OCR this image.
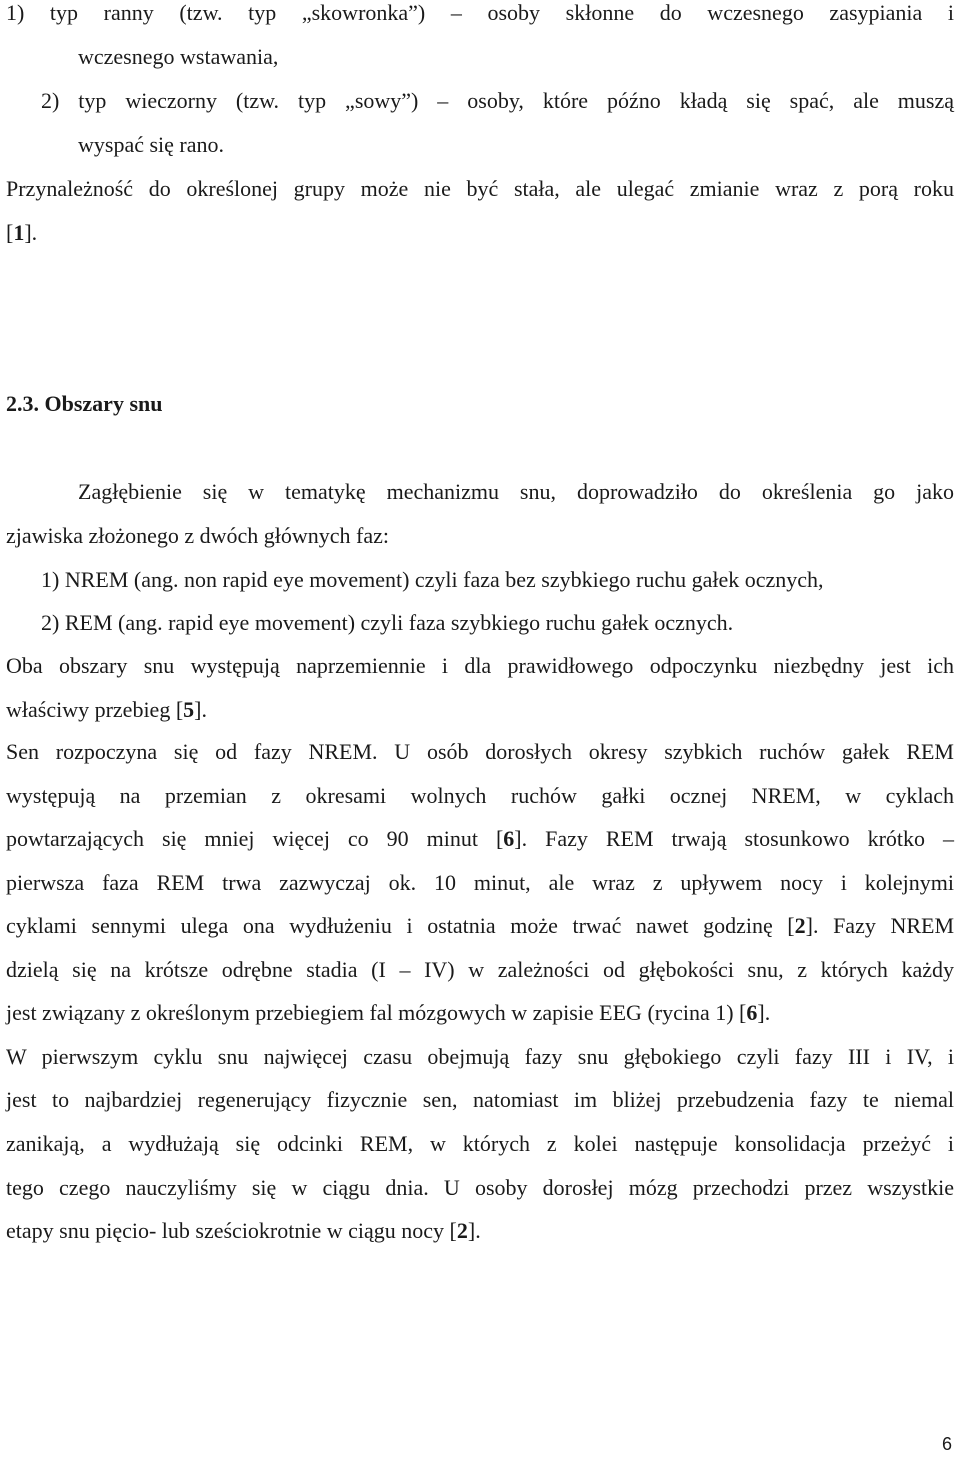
1) typ ranny (tzw. typ „skowronka”) – osoby skłonne do wczesnego zasypiania i
wczesnego wstawania,
2) typ wieczorny (tzw. typ „sowy”) – osoby, które późno kładą się spać, ale muszą
wyspać się rano.
Przynależność do określonej grupy może nie być stała, ale ulegać zmianie wraz z porą roku
[1].
2.3. Obszary snu
Zagłębienie się w tematykę mechanizmu snu, doprowadziło do określenia go jako
zjawiska złożonego z dwóch głównych faz:
1) NREM (ang. non rapid eye movement) czyli faza bez szybkiego ruchu gałek ocznych,
2) REM (ang. rapid eye movement) czyli faza szybkiego ruchu gałek ocznych.
Oba obszary snu występują naprzemiennie i dla prawidłowego odpoczynku niezbędny jest ich
właściwy przebieg [5].
Sen rozpoczyna się od fazy NREM. U osób dorosłych okresy szybkich ruchów gałek REM
występują na przemian z okresami wolnych ruchów gałki ocznej NREM, w cyklach
powtarzających się mniej więcej co 90 minut [6]. Fazy REM trwają stosunkowo krótko –
pierwsza faza REM trwa zazwyczaj ok. 10 minut, ale wraz z upływem nocy i kolejnymi
cyklami sennymi ulega ona wydłużeniu i ostatnia może trwać nawet godzinę [2]. Fazy NREM
dzielą się na krótsze odrębne stadia (I – IV) w zależności od głębokości snu, z których każdy
jest związany z określonym przebiegiem fal mózgowych w zapisie EEG (rycina 1) [6].
W pierwszym cyklu snu najwięcej czasu obejmują fazy snu głębokiego czyli fazy III i IV, i
jest to najbardziej regenerujący fizycznie sen, natomiast im bliżej przebudzenia fazy te niemal
zanikają, a wydłużają się odcinki REM, w których z kolei następuje konsolidacja przeżyć i
tego czego nauczyliśmy się w ciągu dnia. U osoby dorosłej mózg przechodzi przez wszystkie
etapy snu pięcio- lub sześciokrotnie w ciągu nocy [2].
6
